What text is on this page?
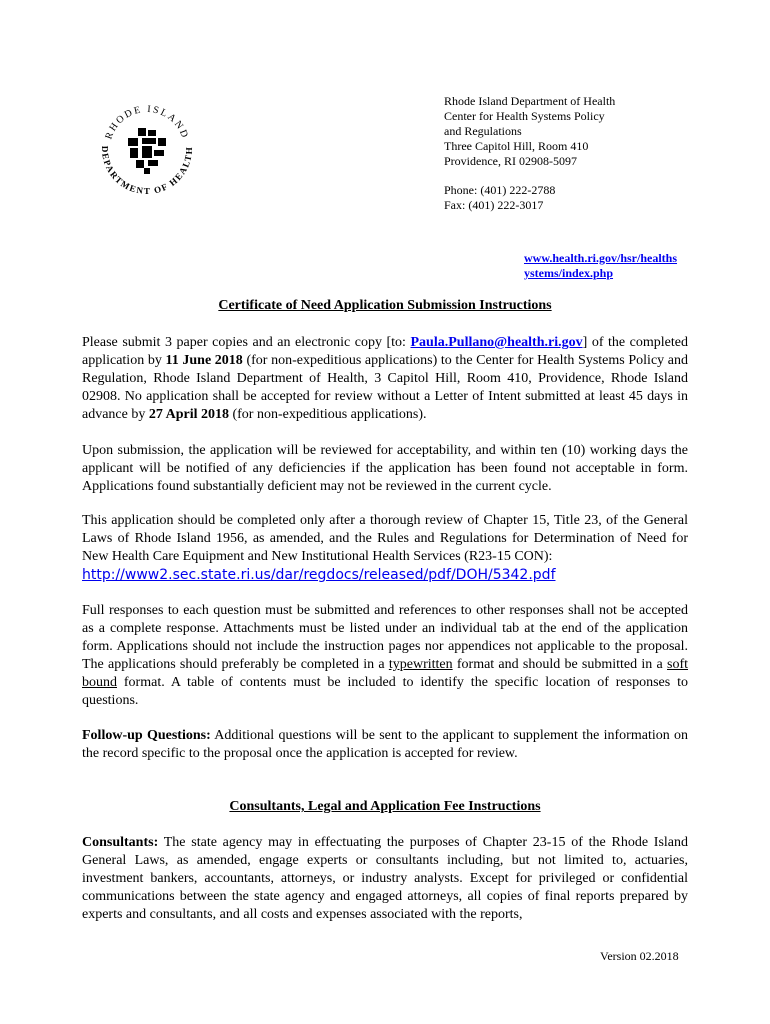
RHODE ISLAND
DEPARTMENT OF HEALTH
Rhode Island Department of Health
Center for Health Systems Policy
and Regulations
Three Capitol Hill, Room 410
Providence, RI 02908-5097
Phone: (401) 222-2788
Fax: (401) 222-3017
www.health.ri.gov/hsr/healths
ystems/index.php
Certificate of Need Application Submission Instructions
Please submit 3 paper copies and an electronic copy [to: Paula.Pullano@health.ri.gov] of the completed application by 11 June 2018 (for non-expeditious applications) to the Center for Health Systems Policy and Regulation, Rhode Island Department of Health, 3 Capitol Hill, Room 410, Providence, Rhode Island 02908. No application shall be accepted for review without a Letter of Intent submitted at least 45 days in advance by 27 April 2018 (for non-expeditious applications).
Upon submission, the application will be reviewed for acceptability, and within ten (10) working days the applicant will be notified of any deficiencies if the application has been found not acceptable in form. Applications found substantially deficient may not be reviewed in the current cycle.
This application should be completed only after a thorough review of Chapter 15, Title 23, of the General Laws of Rhode Island 1956, as amended, and the Rules and Regulations for Determination of Need for New Health Care Equipment and New Institutional Health Services (R23-15 CON):
http://www2.sec.state.ri.us/dar/regdocs/released/pdf/DOH/5342.pdf
Full responses to each question must be submitted and references to other responses shall not be accepted as a complete response. Attachments must be listed under an individual tab at the end of the application form. Applications should not include the instruction pages nor appendices not applicable to the proposal. The applications should preferably be completed in a typewritten format and should be submitted in a soft bound format. A table of contents must be included to identify the specific location of responses to questions.
Follow-up Questions: Additional questions will be sent to the applicant to supplement the information on the record specific to the proposal once the application is accepted for review.
Consultants, Legal and Application Fee Instructions
Consultants: The state agency may in effectuating the purposes of Chapter 23-15 of the Rhode Island General Laws, as amended, engage experts or consultants including, but not limited to, actuaries, investment bankers, accountants, attorneys, or industry analysts. Except for privileged or confidential communications between the state agency and engaged attorneys, all copies of final reports prepared by experts and consultants, and all costs and expenses associated with the reports,
Version 02.2018
